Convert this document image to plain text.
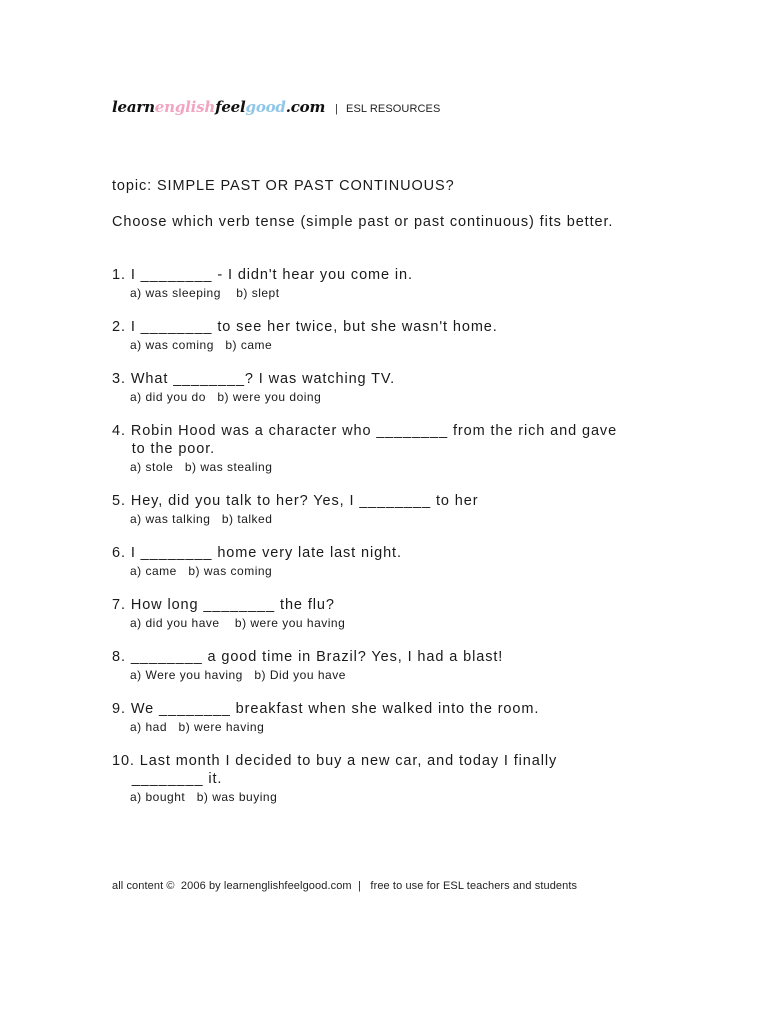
learnenglishfeelgood.com | ESL RESOURCES
topic: SIMPLE PAST OR PAST CONTINUOUS?
Choose which verb tense (simple past or past continuous) fits better.
1. I ________ - I didn't hear you come in.
a) was sleeping    b) slept
2. I ________ to see her twice, but she wasn't home.
a) was coming   b) came
3. What ________? I was watching TV.
a) did you do   b) were you doing
4. Robin Hood was a character who ________ from the rich and gave
to the poor.
a) stole   b) was stealing
5. Hey, did you talk to her? Yes, I ________ to her
a) was talking   b) talked
6. I ________ home very late last night.
a) came   b) was coming
7. How long ________ the flu?
a) did you have    b) were you having
8. ________ a good time in Brazil? Yes, I had a blast!
a) Were you having   b) Did you have
9. We ________ breakfast when she walked into the room.
a) had   b) were having
10. Last month I decided to buy a new car, and today I finally
________ it.
a) bought   b) was buying
all content ©  2006 by learnenglishfeelgood.com  |   free to use for ESL teachers and students
